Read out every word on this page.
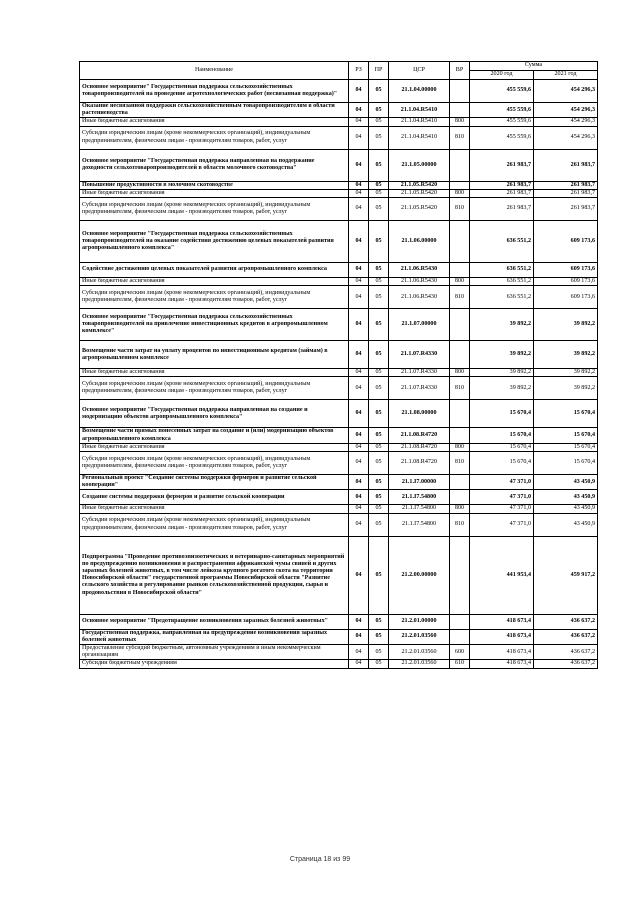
Наименование	РЗ	ПР	ЦСР	ВР	Сумма	
					2020 год	2021 год
Основное мероприятие" Государственная поддержка сельскохозяйственных товаропроизводителей на проведение агротехнологических работ (несвязанная поддержка)"	04	05	21.1.04.00000		455 559,6	454 296,3
Оказание несвязанной поддержки сельскохозяйственным товаропроизводителям в области растениеводства	04	05	21.1.04.R5410		455 559,6	454 296,3
Иные бюджетные ассигнования	04	05	21.1.04.R5410	800	455 559,6	454 296,3
Субсидии юридическим лицам (кроме некоммерческих организаций), индивидуальным предпринимателям, физическим лицам - производителям товаров, работ, услуг	04	05	21.1.04.R5410	810	455 559,6	454 296,3
Основное мероприятие "Государственная поддержка направленная на поддержание доходности сельхозтоваропроизводителей в области молочного скотоводства"	04	05	21.1.05.00000		261 983,7	261 983,7
Повышение продуктивности в молочном скотоводстве	04	05	21.1.05.R5420		261 983,7	261 983,7
Иные бюджетные ассигнования	04	05	21.1.05.R5420	800	261 983,7	261 983,7
Субсидии юридическим лицам (кроме некоммерческих организаций), индивидуальным предпринимателям, физическим лицам - производителям товаров, работ, услуг	04	05	21.1.05.R5420	810	261 983,7	261 983,7
Основное мероприятие "Государственная поддержка сельскохозяйственных товаропроизводителей на оказание содействия достижению целевых показателей развития агропромышленного комплекса"	04	05	21.1.06.00000		636 551,2	609 173,6
Содействие достижению целевых показателей развития агропромышленного комплекса	04	05	21.1.06.R5430		636 551,2	609 173,6
Иные бюджетные ассигнования	04	05	21.1.06.R5430	800	636 551,2	609 173,6
Субсидии юридическим лицам (кроме некоммерческих организаций), индивидуальным предпринимателям, физическим лицам - производителям товаров, работ, услуг	04	05	21.1.06.R5430	810	636 551,2	609 173,6
Основное мероприятие "Государственная поддержка сельскохозяйственных товаропроизводителей на привлечение инвестиционных кредитов в агропромышленном комплексе"	04	05	21.1.07.00000		39 892,2	39 892,2
Возмещение части затрат на уплату процентов по инвестиционным кредитам (займам) в агропромышленном комплексе	04	05	21.1.07.R4330		39 892,2	39 892,2
Иные бюджетные ассигнования	04	05	21.1.07.R4330	800	39 892,2	39 892,2
Субсидии юридическим лицам (кроме некоммерческих организаций), индивидуальным предпринимателям, физическим лицам - производителям товаров, работ, услуг	04	05	21.1.07.R4330	810	39 892,2	39 892,2
Основное мероприятие "Государственная поддержка направленная на создание и модернизацию объектов агропромышленного комплекса"	04	05	21.1.08.00000		15 670,4	15 670,4
Возмещение части прямых понесенных затрат на создание и (или) модернизацию объектов агропромышленного комплекса	04	05	21.1.08.R4720		15 670,4	15 670,4
Иные бюджетные ассигнования	04	05	21.1.08.R4720	800	15 670,4	15 670,4
Субсидии юридическим лицам (кроме некоммерческих организаций), индивидуальным предпринимателям, физическим лицам - производителям товаров, работ, услуг	04	05	21.1.08.R4720	810	15 670,4	15 670,4
Региональный проект "Создание системы поддержки фермеров и развитие сельской кооперации"	04	05	21.1.I7.00000		47 371,0	43 450,9
Создание системы поддержки фермеров и развитие сельской кооперации	04	05	21.1.I7.54800		47 371,0	43 450,9
Иные бюджетные ассигнования	04	05	21.1.I7.54800	800	47 371,0	43 450,9
Субсидии юридическим лицам (кроме некоммерческих организаций), индивидуальным предпринимателям, физическим лицам - производителям товаров, работ, услуг	04	05	21.1.I7.54800	810	47 371,0	43 450,9
Подпрограмма "Проведение противоэпизоотических и ветеринарно-санитарных мероприятий по предупреждению возникновения и распространения африканской чумы свиней и других заразных болезней животных, в том числе лейкоза крупного рогатого скота на территории Новосибирской области" государственной программы Новосибирской области "Развитие сельского хозяйства и регулирование рынков сельскохозяйственной продукции, сырья и продовольствия в Новосибирской области"	04	05	21.2.00.00000		441 953,4	459 917,2
Основное мероприятие "Предотвращение возникновения заразных болезней животных"	04	05	21.2.01.00000		418 673,4	436 637,2
Государственная поддержка, направленная на предупреждение возникновения заразных болезней животных	04	05	21.2.01.03560		418 673,4	436 637,2
Предоставление субсидий бюджетным, автономным учреждениям и иным некоммерческим организациям	04	05	21.2.01.03560	600	418 673,4	436 637,2
Субсидии бюджетным учреждениям	04	05	21.2.01.03560	610	418 673,4	436 637,2
Страница 18 из 99
